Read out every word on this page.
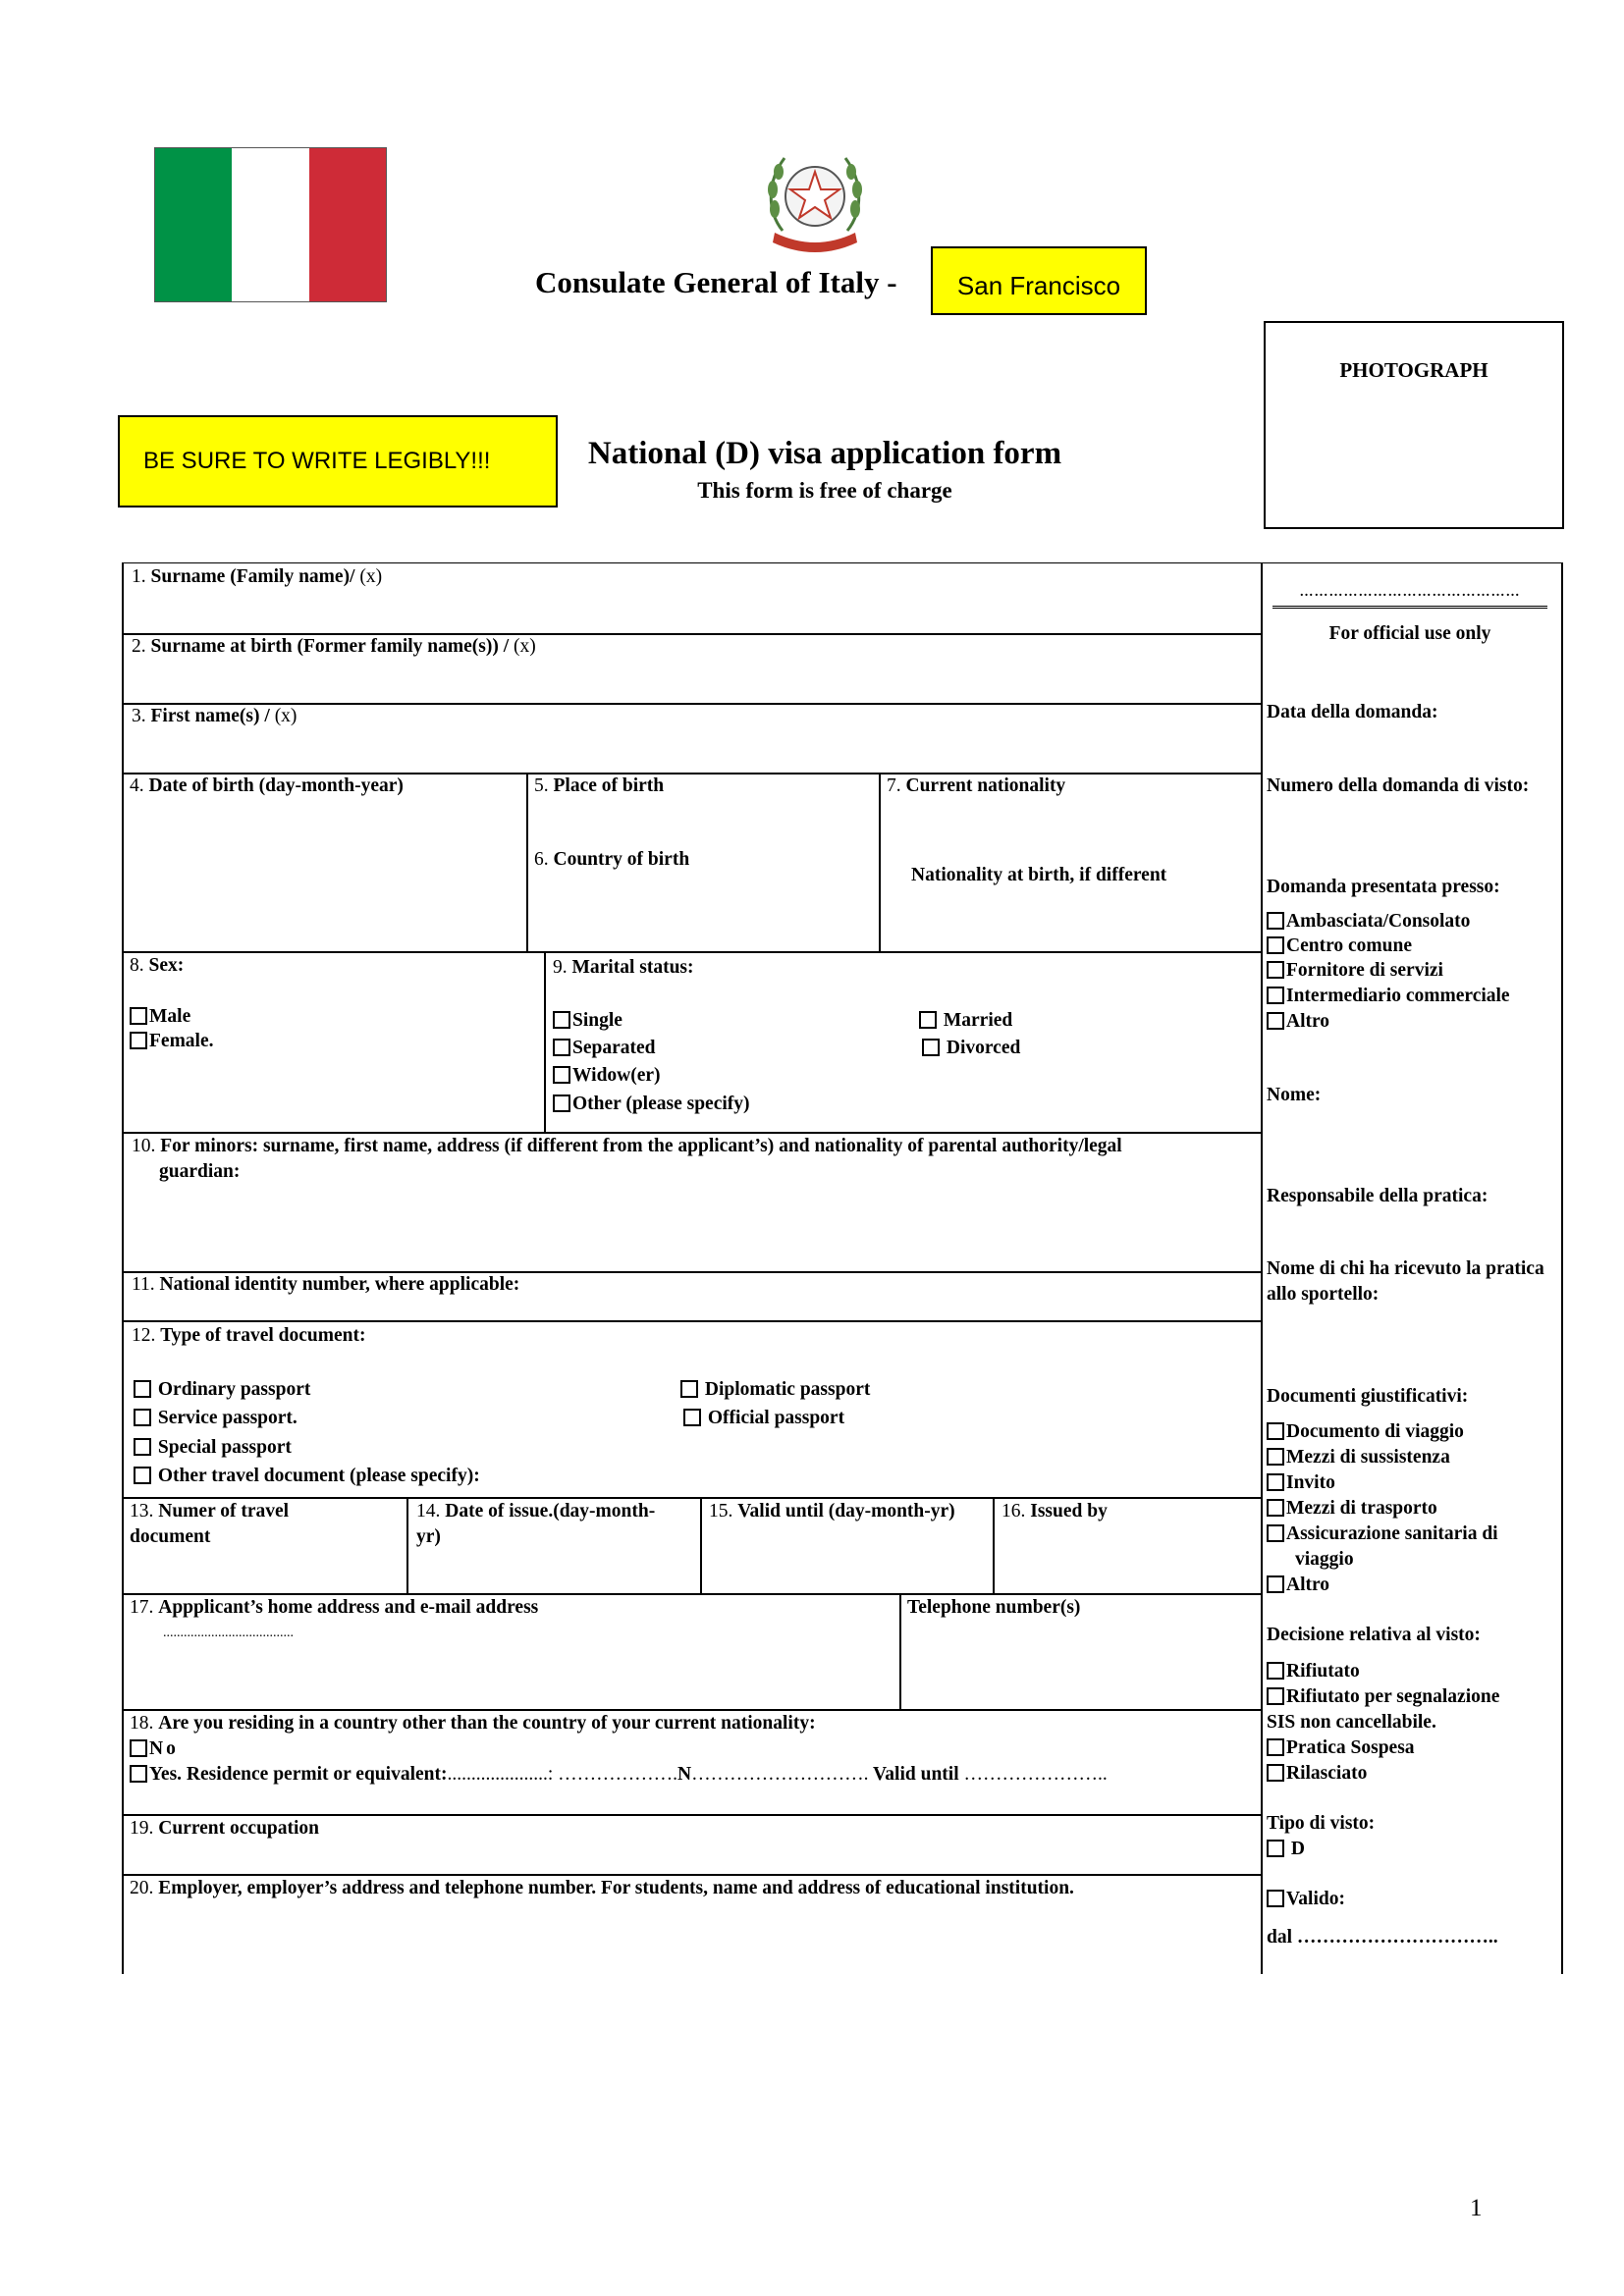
Consulate General of Italy -	San Francisco
BE SURE TO WRITE LEGIBLY!!!
PHOTOGRAPH
National (D) visa application form
This form is free of charge
1. Surname (Family name)/ (x)
2. Surname at birth (Former family name(s)) / (x)
3. First name(s) / (x)
4. Date of birth (day-month-year)	5. Place of birth
6. Country of birth
7. Current nationality
Nationality at birth, if different
8. Sex:
Male
Female.
9. Marital status:
Single
Separated
Widow(er)
Other (please specify)
Married
Divorced
10. For minors: surname, first name, address (if different from the applicant’s) and nationality of parental authority/legal
guardian:
11. National identity number, where applicable:
12. Type of travel document:
Ordinary passport
Service passport.
Special passport
Other travel document (please specify):
Diplomatic passport
Official passport
13. Numer of travel
document
14. Date of issue.(day-month-
yr)
15. Valid until (day-month-yr) 16. Issued by
17. Appplicant’s home address and e-mail address
......................................
Telephone number(s)
18. Are you residing in a country other than the country of your current nationality:
No
Yes. Residence permit or equivalent:.....................: ……………….N………………………. Valid until …………………..
19. Current occupation
20. Employer, employer’s address and telephone number. For students, name and address of educational institution.
………………………………………
For official use only
Data della domanda:
Numero della domanda di visto:
Domanda presentata presso:
Ambasciata/Consolato
Centro comune
Fornitore di servizi
Intermediario commerciale
Altro
Nome:
Responsabile della pratica:
Nome di chi ha ricevuto la pratica allo sportello:
Documenti giustificativi:
Documento di viaggio
Mezzi di sussistenza
Invito
Mezzi di trasporto
Assicurazione sanitaria di
viaggio
Altro
Decisione relativa al visto:
Rifiutato
Rifiutato per segnalazione
SIS non cancellabile.
Pratica Sospesa
Rilasciato
Tipo di visto:
D
Valido:
dal …………………………..
1
